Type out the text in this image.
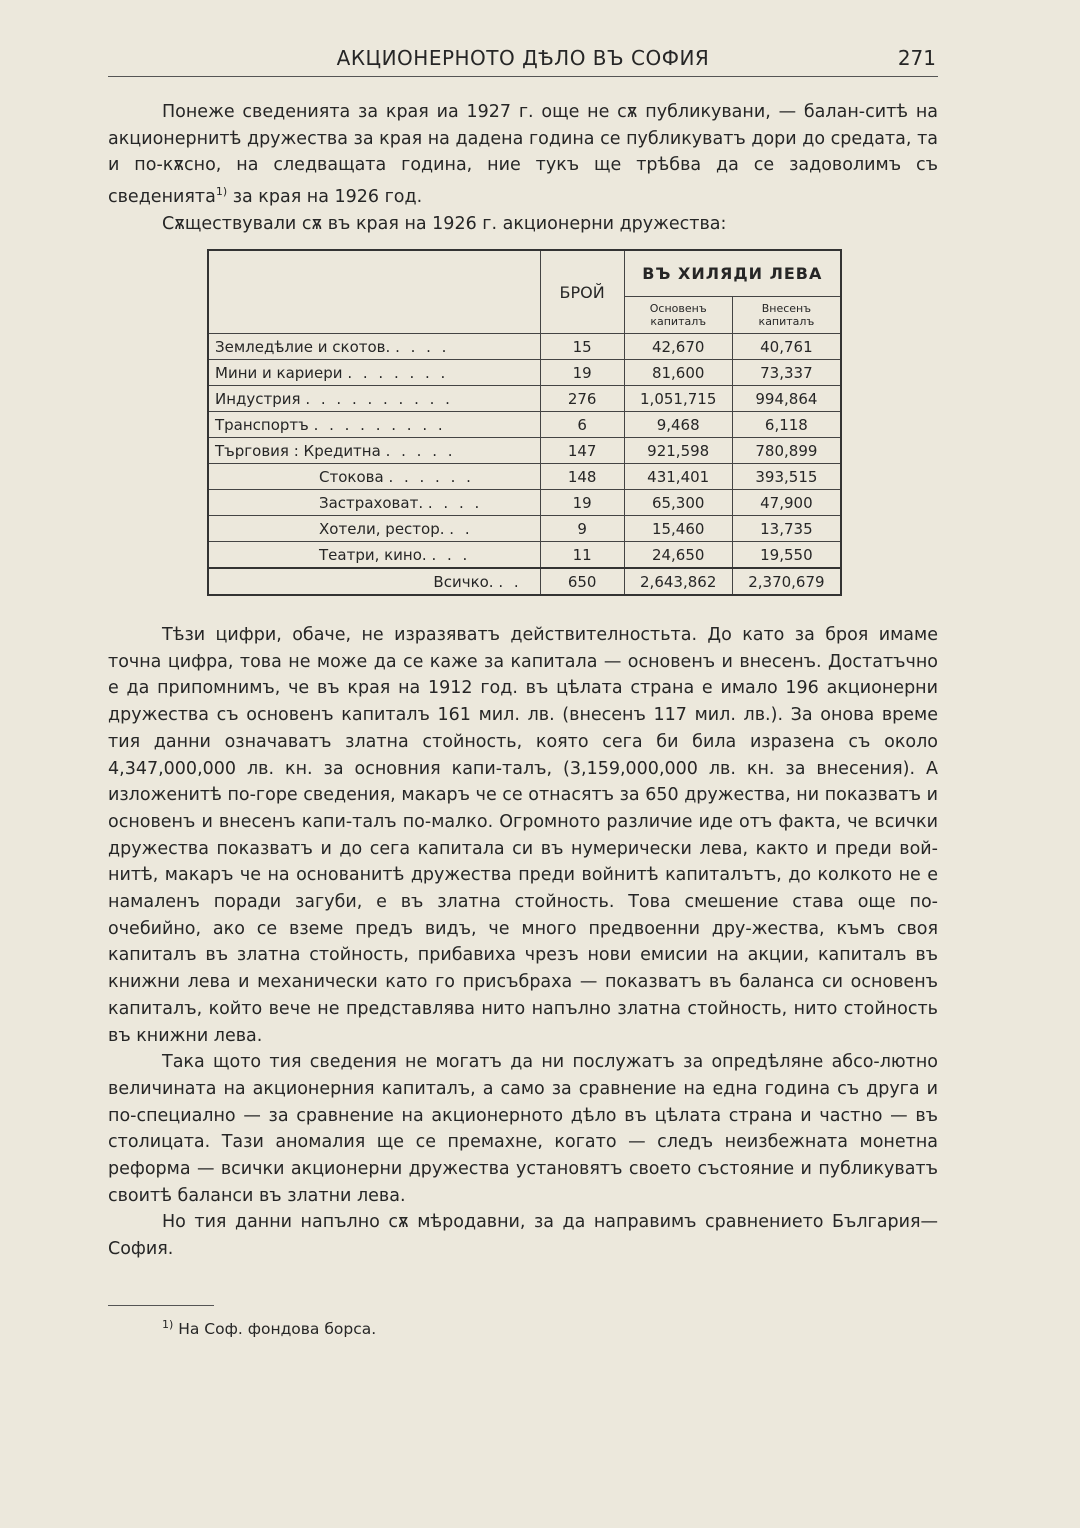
АКЦИОНЕРНОТО ДѢЛО ВЪ СОФИЯ	271

Понеже сведенията за края иа 1927 г. още не сѫ публикувани, — балан-ситѣ на акционернитѣ дружества за края на дадена година се публикуватъ дори до средата, та и по-кѫсно, на следващата година, ние тукъ ще трѣбва да се задоволимъ съ сведенията$^{1)}$ за края на 1926 год.

Сѫществували сѫ въ края на 1926 г. акционерни дружества:

	БРОЙ	ВЪ ХИЛЯДИ ЛЕВА	
		Основенъ капиталъ	Внесенъ капиталъ
Земледѣлие и скотов. . . . .	15	42,670	40,761
Мини и кариери . . . . . . .	19	81,600	73,337
Индустрия . . . . . . . . . .	276	1,051,715	994,864
Транспортъ . . . . . . . . .	6	9,468	6,118
Търговия : Кредитна . . . . .	147	921,598	780,899
Стокова . . . . . .	148	431,401	393,515
Застраховат. . . . .	19	65,300	47,900
Хотели, рестор. . .	9	15,460	13,735
Театри, кино. . . .	11	24,650	19,550
Всичко. . .	650	2,643,862	2,370,679

Тѣзи цифри, обаче, не изразяватъ действителностьта. До като за броя имаме точна цифра, това не може да се каже за капитала — основенъ и внесенъ. Достатъчно е да припомнимъ, че въ края на 1912 год. въ цѣлата страна е имало 196 акционерни дружества съ основенъ капиталъ 161 мил. лв. (внесенъ 117 мил. лв.). За онова време тия данни означаватъ златна стойность, която сега би била изразена съ около 4,347,000,000 лв. кн. за основния капи-талъ, (3,159,000,000 лв. кн. за внесения). А изложенитѣ по-горе сведения, макаръ че се отнасятъ за 650 дружества, ни показватъ и основенъ и внесенъ капи-талъ по-малко. Огромното различие иде отъ факта, че всички дружества показватъ и до сега капитала си въ нумерически лева, както и преди вой-нитѣ, макаръ че на основанитѣ дружества преди войнитѣ капиталътъ, до колкото не е намаленъ поради загуби, е въ златна стойность. Това смешение става още по-очебийно, ако се вземе предъ видъ, че много предвоенни дру-жества, къмъ своя капиталъ въ златна стойность, прибавиха чрезъ нови емисии на акции, капиталъ въ книжни лева и механически като го присъбраха — показватъ въ баланса си основенъ капиталъ, който вече не представлява нито напълно златна стойность, нито стойность въ книжни лева.

Така щото тия сведения не могатъ да ни послужатъ за опредѣляне абсо-лютно величината на акционерния капиталъ, а само за сравнение на една година съ друга и по-специално — за сравнение на акционерното дѣло въ цѣлата страна и частно — въ столицата. Тази аномалия ще се премахне, когато — следъ неизбежната монетна реформа — всички акционерни дружества установятъ своето състояние и публикуватъ своитѣ баланси въ златни лева.

Но тия данни напълно сѫ мѣродавни, за да направимъ сравнението България—София.

$^{1)}$ На Соф. фондова борса.
